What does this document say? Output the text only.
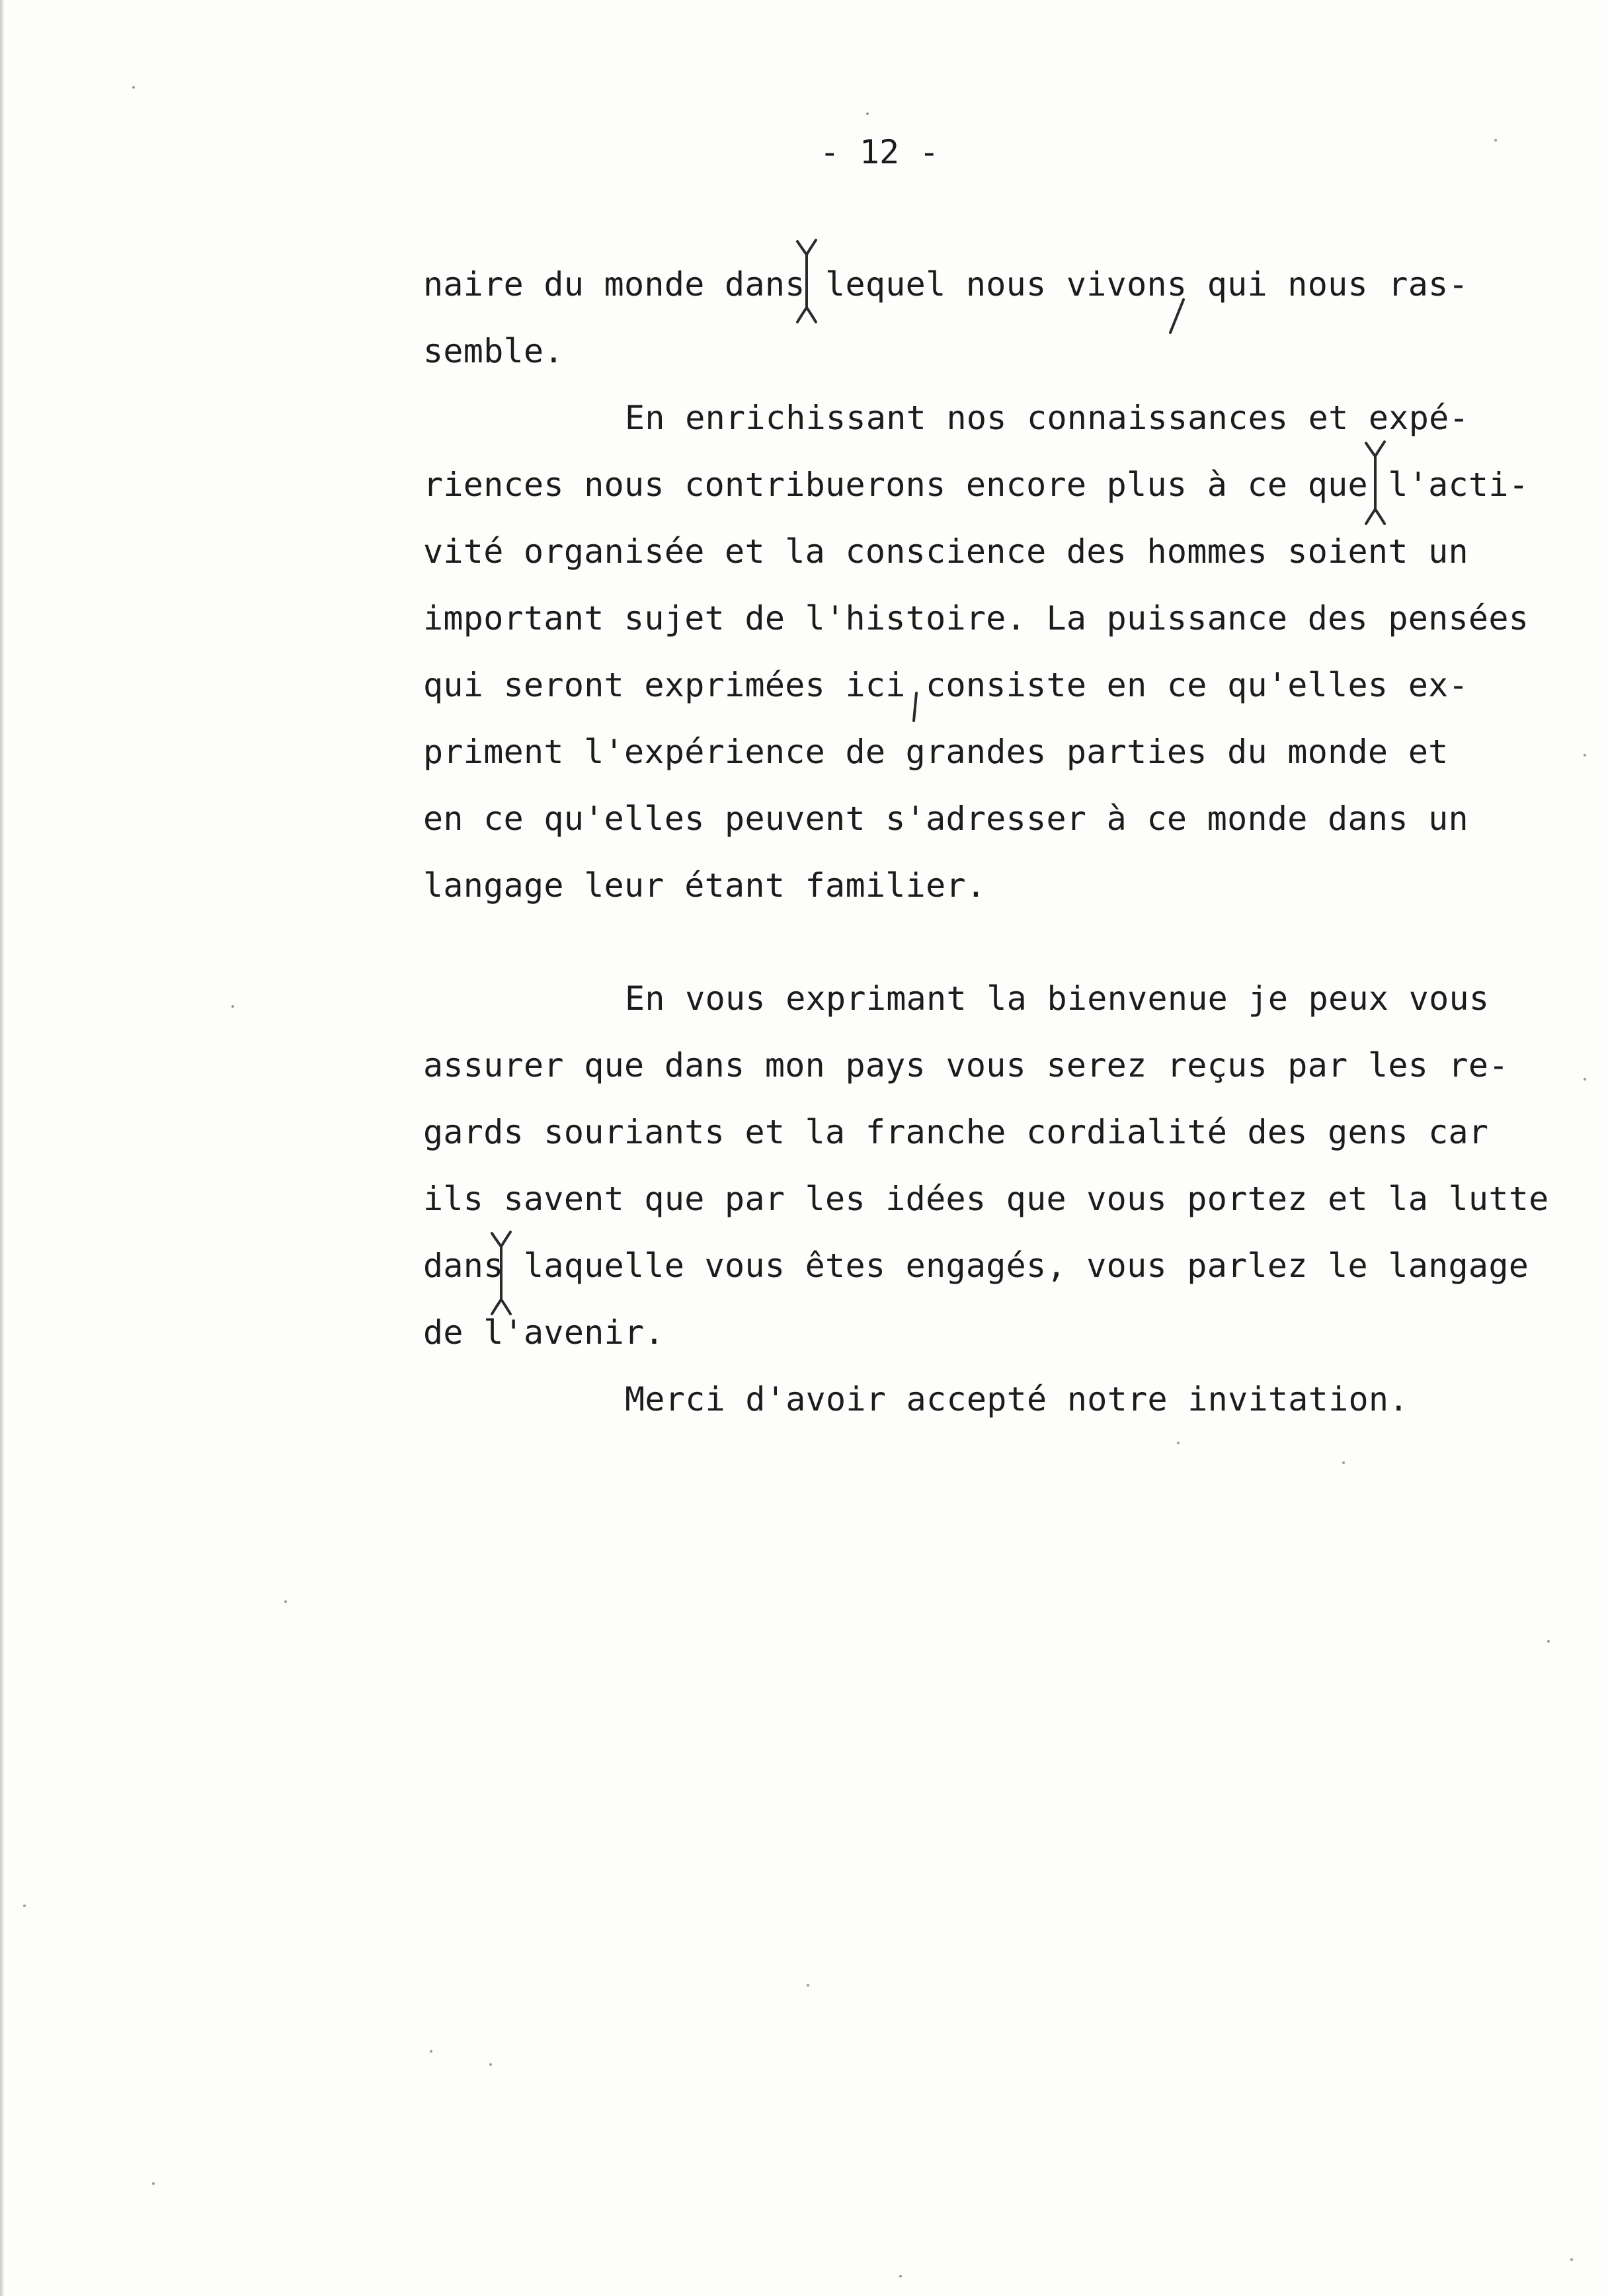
- 12 -
naire du monde dans lequel nous vivons qui nous ras-
semble.
En enrichissant nos connaissances et expé-
riences nous contribuerons encore plus à ce que l'acti-
vité organisée et la conscience des hommes soient un
important sujet de l'histoire. La puissance des pensées
qui seront exprimées ici consiste en ce qu'elles ex-
priment l'expérience de grandes parties du monde et
en ce qu'elles peuvent s'adresser à ce monde dans un
langage leur étant familier.
En vous exprimant la bienvenue je peux vous
assurer que dans mon pays vous serez reçus par les re-
gards souriants et la franche cordialité des gens car
ils savent que par les idées que vous portez et la lutte
dans laquelle vous êtes engagés, vous parlez le langage
de l'avenir.
Merci d'avoir accepté notre invitation.
